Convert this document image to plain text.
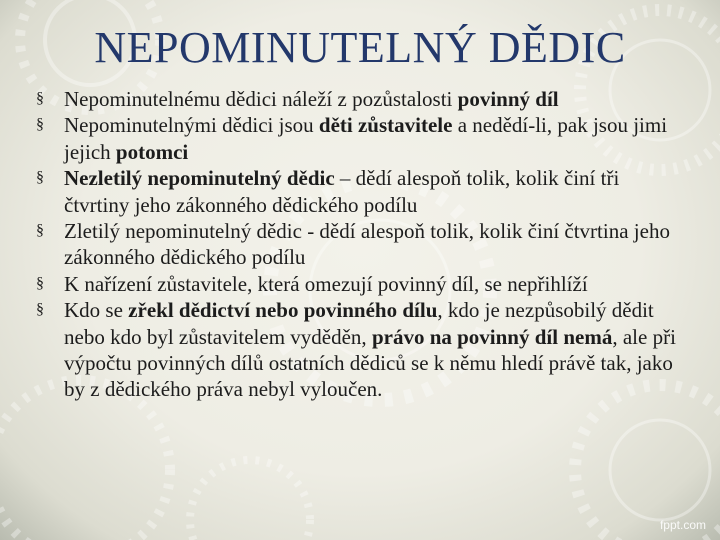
NEPOMINUTELNÝ DĚDIC
§ Nepominutelnému dědici náleží z pozůstalosti povinný díl
§ Nepominutelnými dědici jsou děti zůstavitele a nedědí-li, pak jsou jimi jejich potomci
§ Nezletilý nepominutelný dědic – dědí alespoň tolik, kolik činí tři čtvrtiny jeho zákonného dědického podílu
§ Zletilý nepominutelný dědic - dědí alespoň tolik, kolik činí čtvrtina jeho zákonného dědického podílu
§ K nařízení zůstavitele, která omezují povinný díl, se nepřihlíží
§ Kdo se zřekl dědictví nebo povinného dílu, kdo je nezpůsobilý dědit nebo kdo byl zůstavitelem vyděděn, právo na povinný díl nemá, ale při výpočtu povinných dílů ostatních dědiců se k němu hledí právě tak, jako by z dědického práva nebyl vyloučen.
fppt.com
